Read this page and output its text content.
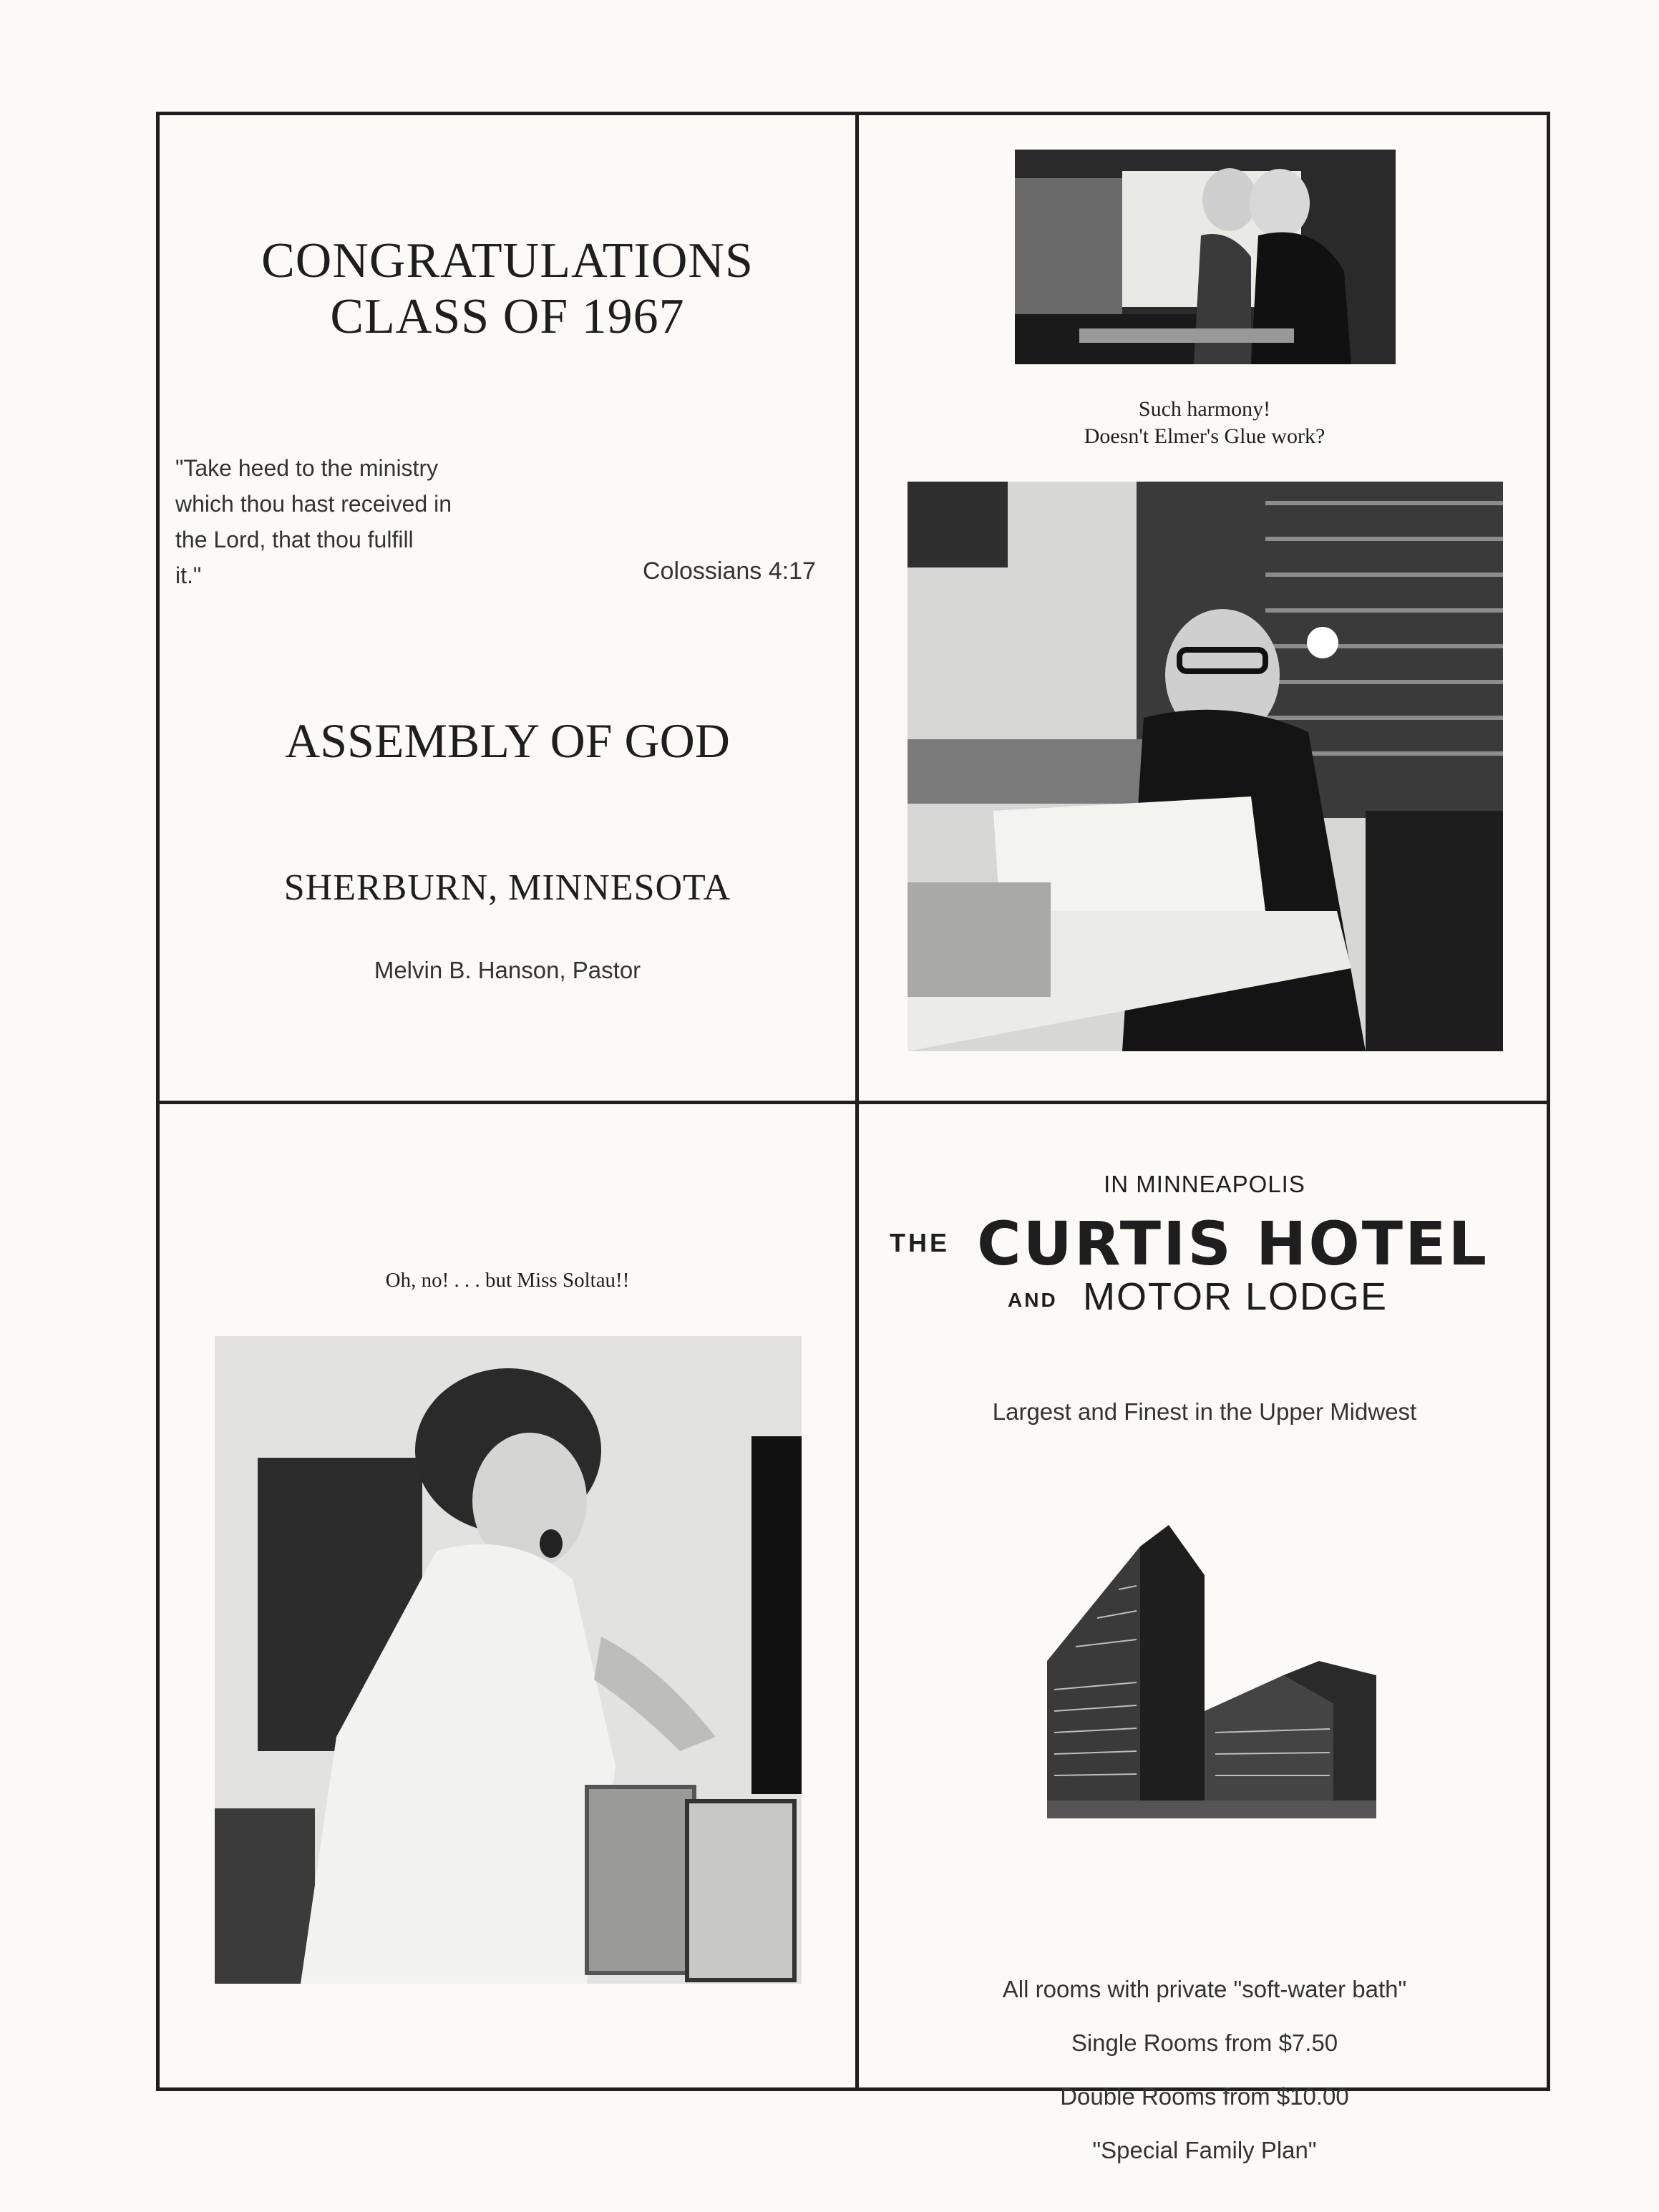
CONGRATULATIONS
CLASS OF 1967
"Take heed to the ministry
which thou hast received in
the Lord, that thou fulfill
it."	Colossians 4:17
ASSEMBLY OF GOD
SHERBURN, MINNESOTA
Melvin B. Hanson, Pastor
Such harmony!
Doesn't Elmer's Glue work?
Oh, no! . . . but Miss Soltau!!
IN MINNEAPOLIS
THE CURTIS HOTEL
AND MOTOR LODGE
Largest and Finest in the Upper Midwest
All rooms with private "soft-water bath"
Single Rooms from $7.50
Double Rooms from $10.00
"Special Family Plan"
